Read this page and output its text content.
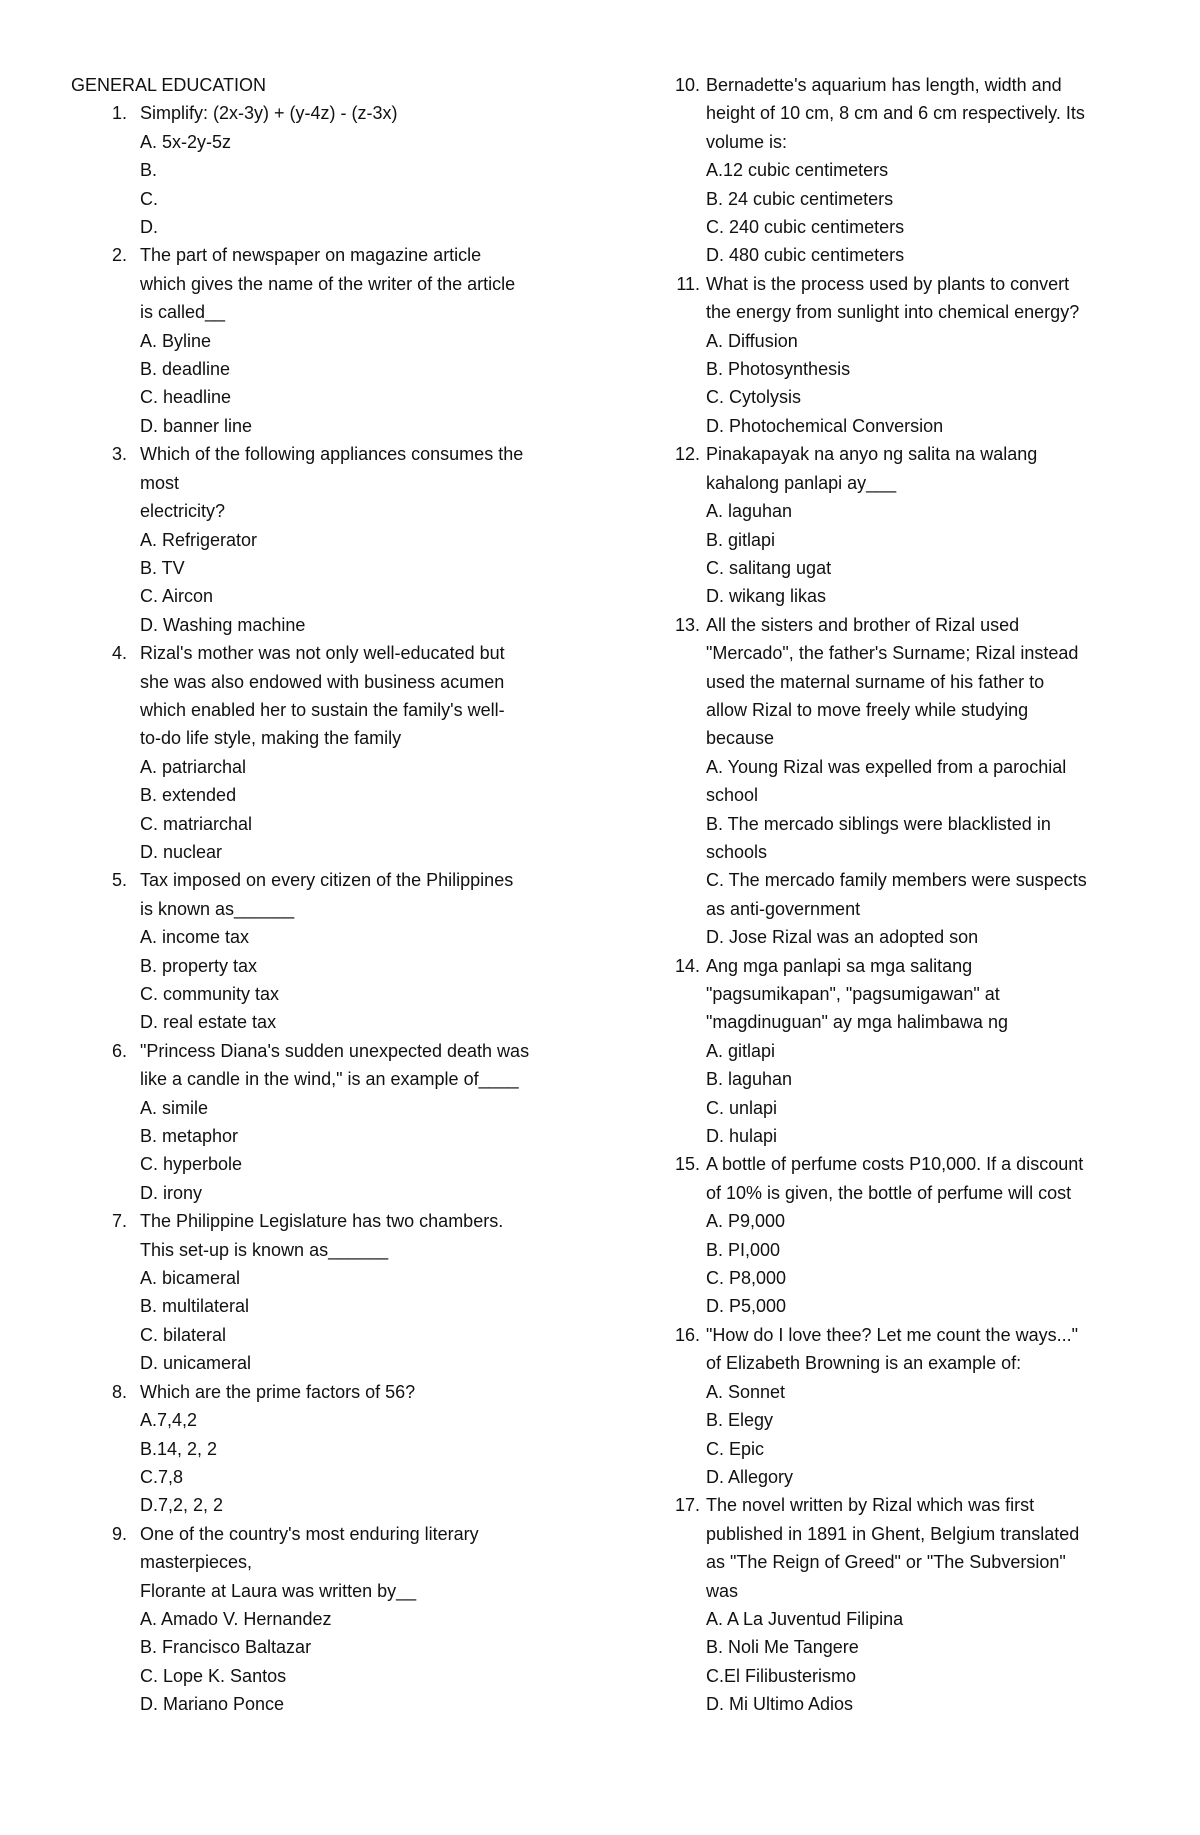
GENERAL EDUCATION
1. Simplify: (2x-3y) + (y-4z) - (z-3x)
A. 5x-2y-5z
B.
C.
D.
2. The part of newspaper on magazine article
which gives the name of the writer of the article
is called__
A. Byline
B. deadline
C. headline
D. banner line
3. Which of the following appliances consumes the
most
electricity?
A. Refrigerator
B. TV
C. Aircon
D. Washing machine
4. Rizal's mother was not only well-educated but
she was also endowed with business acumen
which enabled her to sustain the family's well-
to-do life style, making the family
A. patriarchal
B. extended
C. matriarchal
D. nuclear
5. Tax imposed on every citizen of the Philippines
is known as______
A. income tax
B. property tax
C. community tax
D. real estate tax
6. "Princess Diana's sudden unexpected death was
like a candle in the wind," is an example of____
A. simile
B. metaphor
C. hyperbole
D. irony
7. The Philippine Legislature has two chambers.
This set-up is known as______
A. bicameral
B. multilateral
C. bilateral
D. unicameral
8. Which are the prime factors of 56?
A.7,4,2
B.14, 2, 2
C.7,8
D.7,2, 2, 2
9. One of the country's most enduring literary
masterpieces,
Florante at Laura was written by__
A. Amado V. Hernandez
B. Francisco Baltazar
C. Lope K. Santos
D. Mariano Ponce
10. Bernadette's aquarium has length, width and
height of 10 cm, 8 cm and 6 cm respectively. Its
volume is:
A.12 cubic centimeters
B. 24 cubic centimeters
C. 240 cubic centimeters
D. 480 cubic centimeters
11. What is the process used by plants to convert
the energy from sunlight into chemical energy?
A. Diffusion
B. Photosynthesis
C. Cytolysis
D. Photochemical Conversion
12. Pinakapayak na anyo ng salita na walang
kahalong panlapi ay___
A. laguhan
B. gitlapi
C. salitang ugat
D. wikang likas
13. All the sisters and brother of Rizal used
"Mercado", the father's Surname; Rizal instead
used the maternal surname of his father to
allow Rizal to move freely while studying
because
A. Young Rizal was expelled from a parochial
school
B. The mercado siblings were blacklisted in
schools
C. The mercado family members were suspects
as anti-government
D. Jose Rizal was an adopted son
14. Ang mga panlapi sa mga salitang
"pagsumikapan", "pagsumigawan" at
"magdinuguan" ay mga halimbawa ng
A. gitlapi
B. laguhan
C. unlapi
D. hulapi
15. A bottle of perfume costs P10,000. If a discount
of 10% is given, the bottle of perfume will cost
A. P9,000
B. PI,000
C. P8,000
D. P5,000
16. "How do I love thee? Let me count the ways..."
of Elizabeth Browning is an example of:
A. Sonnet
B. Elegy
C. Epic
D. Allegory
17. The novel written by Rizal which was first
published in 1891 in Ghent, Belgium translated
as "The Reign of Greed" or "The Subversion"
was
A. A La Juventud Filipina
B. Noli Me Tangere
C.El Filibusterismo
D. Mi Ultimo Adios
